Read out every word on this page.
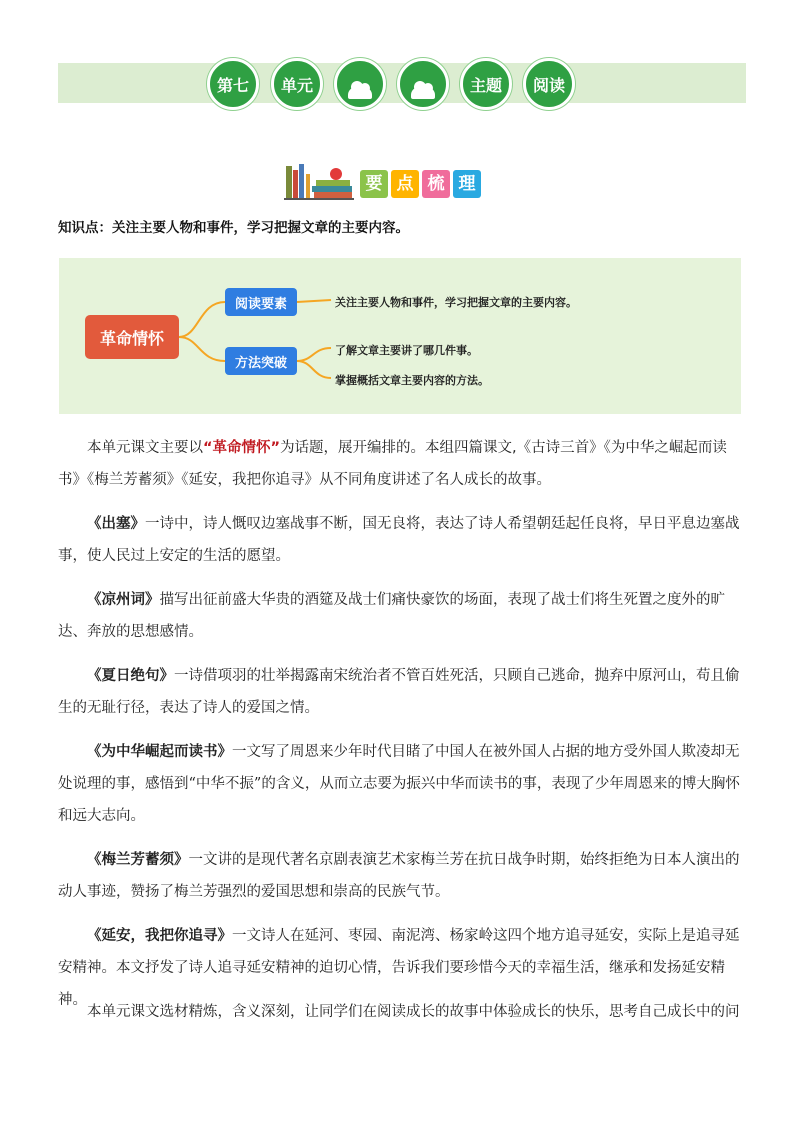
第七	单元	主题	阅读
要 点 梳 理
知识点：关注主要人物和事件，学习把握文章的主要内容。
革命情怀
阅读要素
方法突破
关注主要人物和事件，学习把握文章的主要内容。
了解文章主要讲了哪几件事。
掌握概括文章主要内容的方法。
本单元课文主要以“革命情怀”为话题，展开编排的。本组四篇课文,《古诗三首》《为中华之崛起而读书》《梅兰芳蓄须》《延安，我把你追寻》从不同角度讲述了名人成长的故事。
《出塞》一诗中，诗人慨叹边塞战事不断，国无良将，表达了诗人希望朝廷起任良将，早日平息边塞战事，使人民过上安定的生活的愿望。
《凉州词》描写出征前盛大华贵的酒筵及战士们痛快豪饮的场面，表现了战士们将生死置之度外的旷达、奔放的思想感情。
《夏日绝句》一诗借项羽的壮举揭露南宋统治者不管百姓死活，只顾自己逃命，抛弃中原河山，苟且偷生的无耻行径，表达了诗人的爱国之情。
《为中华崛起而读书》一文写了周恩来少年时代目睹了中国人在被外国人占据的地方受外国人欺凌却无处说理的事，感悟到“中华不振”的含义，从而立志要为振兴中华而读书的事，表现了少年周恩来的博大胸怀和远大志向。
《梅兰芳蓄须》一文讲的是现代著名京剧表演艺术家梅兰芳在抗日战争时期，始终拒绝为日本人演出的动人事迹，赞扬了梅兰芳强烈的爱国思想和崇高的民族气节。
《延安，我把你追寻》一文诗人在延河、枣园、南泥湾、杨家岭这四个地方追寻延安，实际上是追寻延安精神。本文抒发了诗人追寻延安精神的迫切心情，告诉我们要珍惜今天的幸福生活，继承和发扬延安精神。
本单元课文选材精炼，含义深刻，让同学们在阅读成长的故事中体验成长的快乐，思考自己成长中的问
